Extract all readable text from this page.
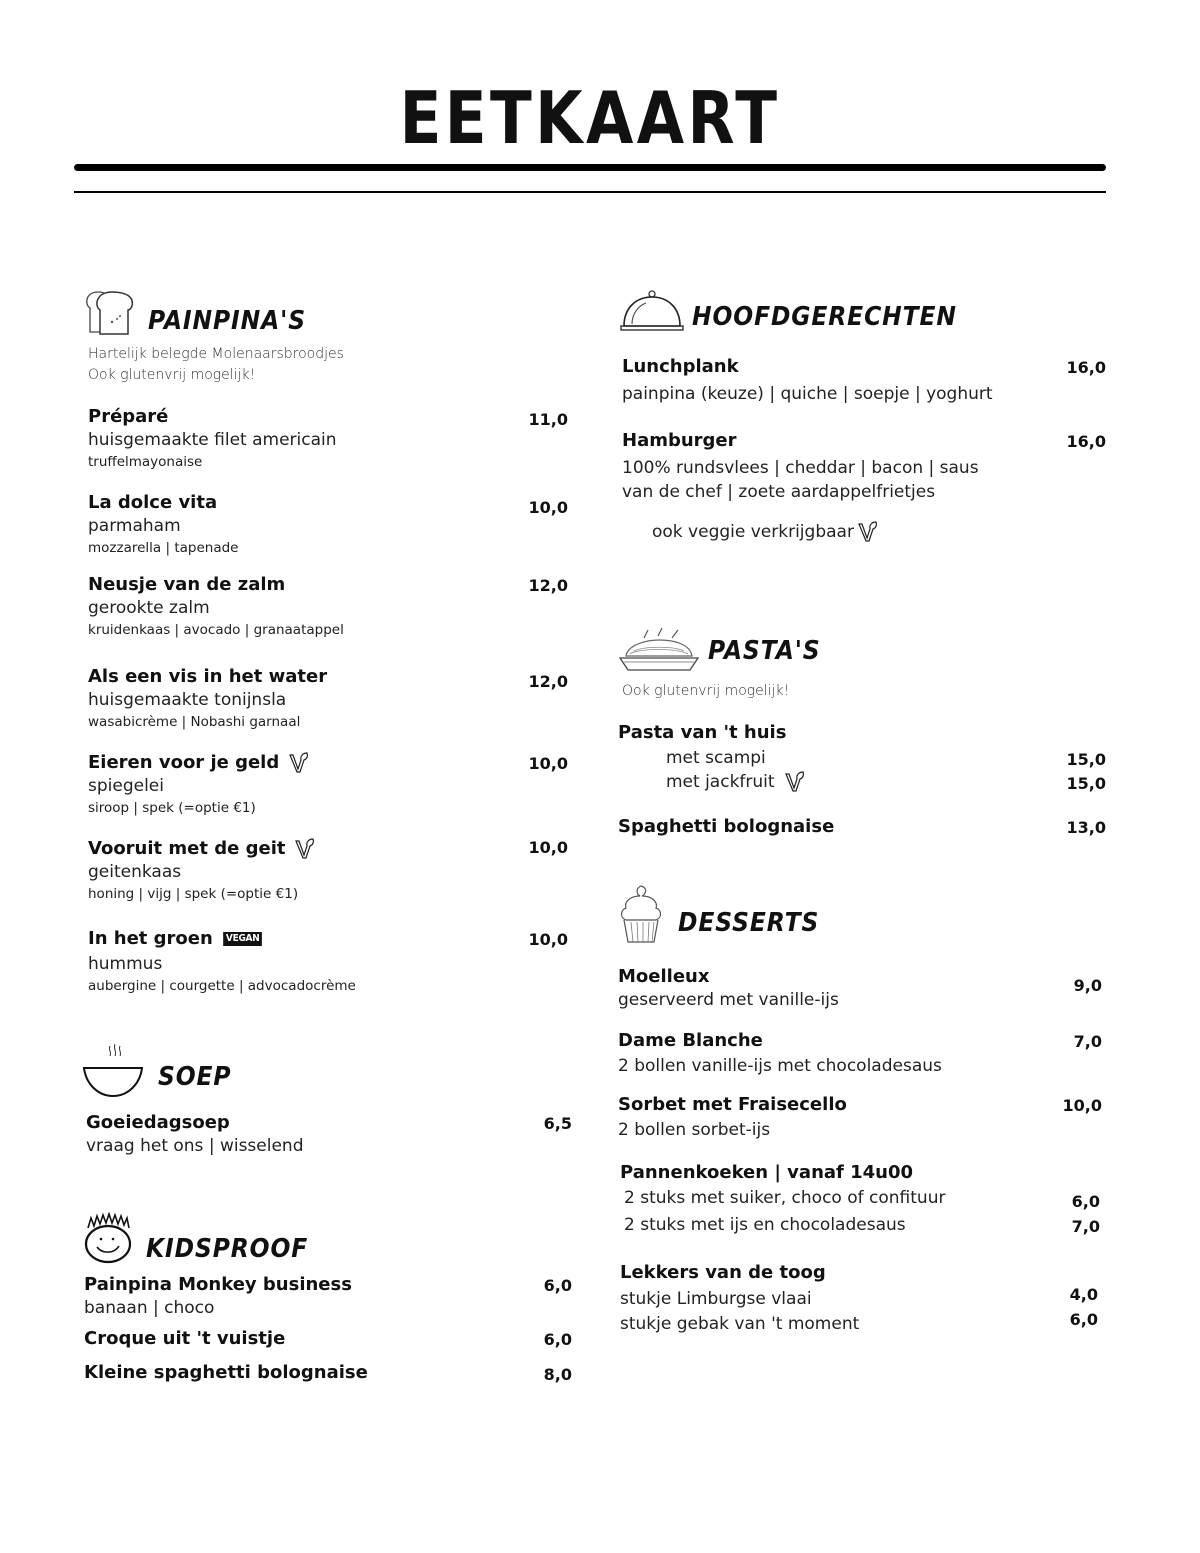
EETKAART
PAINPINA'S
Hartelijk belegde Molenaarsbroodjes
Ook glutenvrij mogelijk!
Préparé
huisgemaakte filet americain
truffelmayonaise
11,0
La dolce vita
parmaham
mozzarella | tapenade
10,0
Neusje van de zalm
gerookte zalm
kruidenkaas | avocado | granaatappel
12,0
Als een vis in het water
huisgemaakte tonijnsla
wasabicrème | Nobashi garnaal
12,0
Eieren voor je geld
spiegelei
siroop | spek (=optie €1)
10,0
Vooruit met de geit
geitenkaas
honing | vijg | spek (=optie €1)
10,0
In het groen VEGAN
hummus
aubergine | courgette | advocadocrème
10,0
SOEP
Goeiedagsoep
vraag het ons | wisselend
6,5
KIDSPROOF
Painpina Monkey business
banaan | choco
6,0
Croque uit 't vuistje	6,0
Kleine spaghetti bolognaise	8,0
HOOFDGERECHTEN
Lunchplank
painpina (keuze) | quiche | soepje | yoghurt
16,0
Hamburger
100% rundsvlees | cheddar | bacon | saus
van de chef | zoete aardappelfrietjes
ook veggie verkrijgbaar
16,0
PASTA'S
Ook glutenvrij mogelijk!
Pasta van 't huis
met scampi	15,0
met jackfruit	15,0
Spaghetti bolognaise	13,0
DESSERTS
Moelleux
geserveerd met vanille-ijs
9,0
Dame Blanche
2 bollen vanille-ijs met chocoladesaus
7,0
Sorbet met Fraisecello
2 bollen sorbet-ijs
10,0
Pannenkoeken | vanaf 14u00
2 stuks met suiker, choco of confituur	6,0
2 stuks met ijs en chocoladesaus	7,0
Lekkers van de toog
stukje Limburgse vlaai	4,0
stukje gebak van 't moment	6,0
